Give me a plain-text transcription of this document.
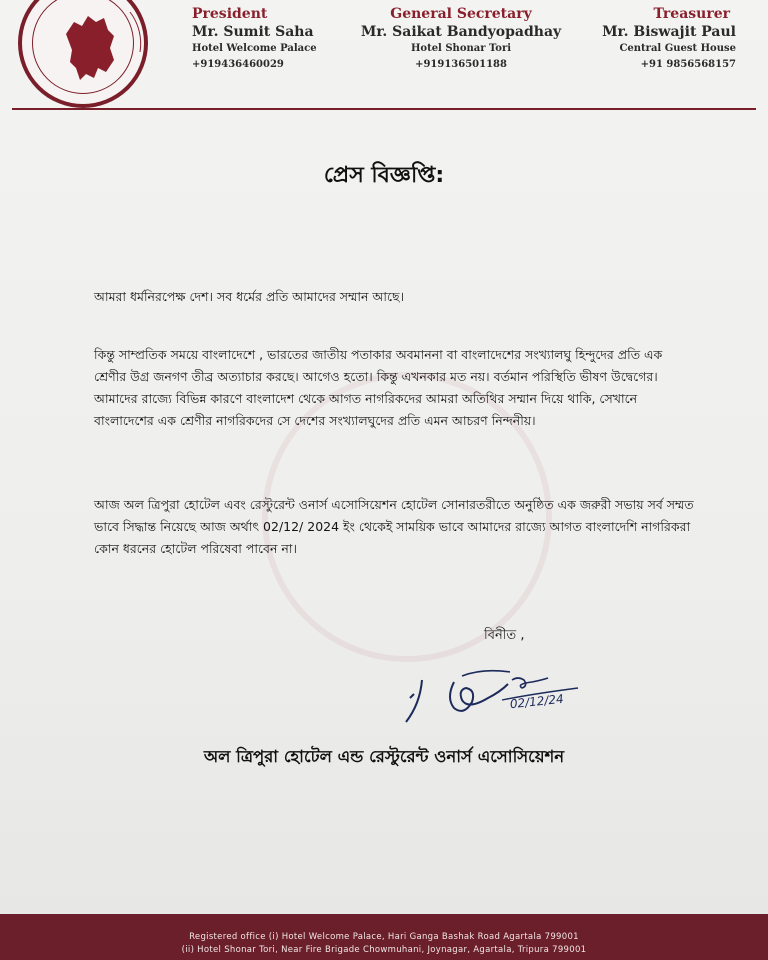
President
Mr. Sumit Saha
Hotel Welcome Palace
+919436460029
General Secretary
Mr. Saikat Bandyopadhay
Hotel Shonar Tori
+919136501188
Treasurer
Mr. Biswajit Paul
Central Guest House
+91 9856568157
প্রেস বিজ্ঞপ্তি:
আমরা ধর্মনিরপেক্ষ দেশ। সব ধর্মের প্রতি আমাদের সম্মান আছে।
কিন্তু সাম্প্রতিক সময়ে বাংলাদেশে , ভারতের জাতীয় পতাকার অবমাননা বা বাংলাদেশের সংখ্যালঘু হিন্দুদের প্রতি এক শ্রেণীর উগ্র জনগণ তীব্র অত্যাচার করছে। আগেও হতো। কিন্তু এখনকার মত নয়। বর্তমান পরিস্থিতি ভীষণ উদ্বেগের। আমাদের রাজ্যে বিভিন্ন কারণে বাংলাদেশ থেকে আগত নাগরিকদের আমরা অতিথির সম্মান দিয়ে থাকি, সেখানে বাংলাদেশের এক শ্রেণীর নাগরিকদের সে দেশের সংখ্যালঘুদের প্রতি এমন আচরণ নিন্দনীয়।
আজ অল ত্রিপুরা হোটেল এবং রেস্টুরেন্ট ওনার্স এসোসিয়েশন হোটেল সোনারতরীতে অনুষ্ঠিত এক জরুরী সভায় সর্ব সম্মত ভাবে সিদ্ধান্ত নিয়েছে আজ অর্থাৎ 02/12/ 2024 ইং থেকেই সাময়িক ভাবে আমাদের রাজ্যে আগত বাংলাদেশি নাগরিকরা কোন ধরনের হোটেল পরিষেবা পাবেন না।
বিনীত ,
02/12/24
অল ত্রিপুরা হোটেল এন্ড রেস্টুরেন্ট ওনার্স এসোসিয়েশন
Registered office (i) Hotel Welcome Palace, Hari Ganga Bashak Road Agartala 799001
(ii) Hotel Shonar Tori, Near Fire Brigade Chowmuhani, Joynagar, Agartala, Tripura 799001
